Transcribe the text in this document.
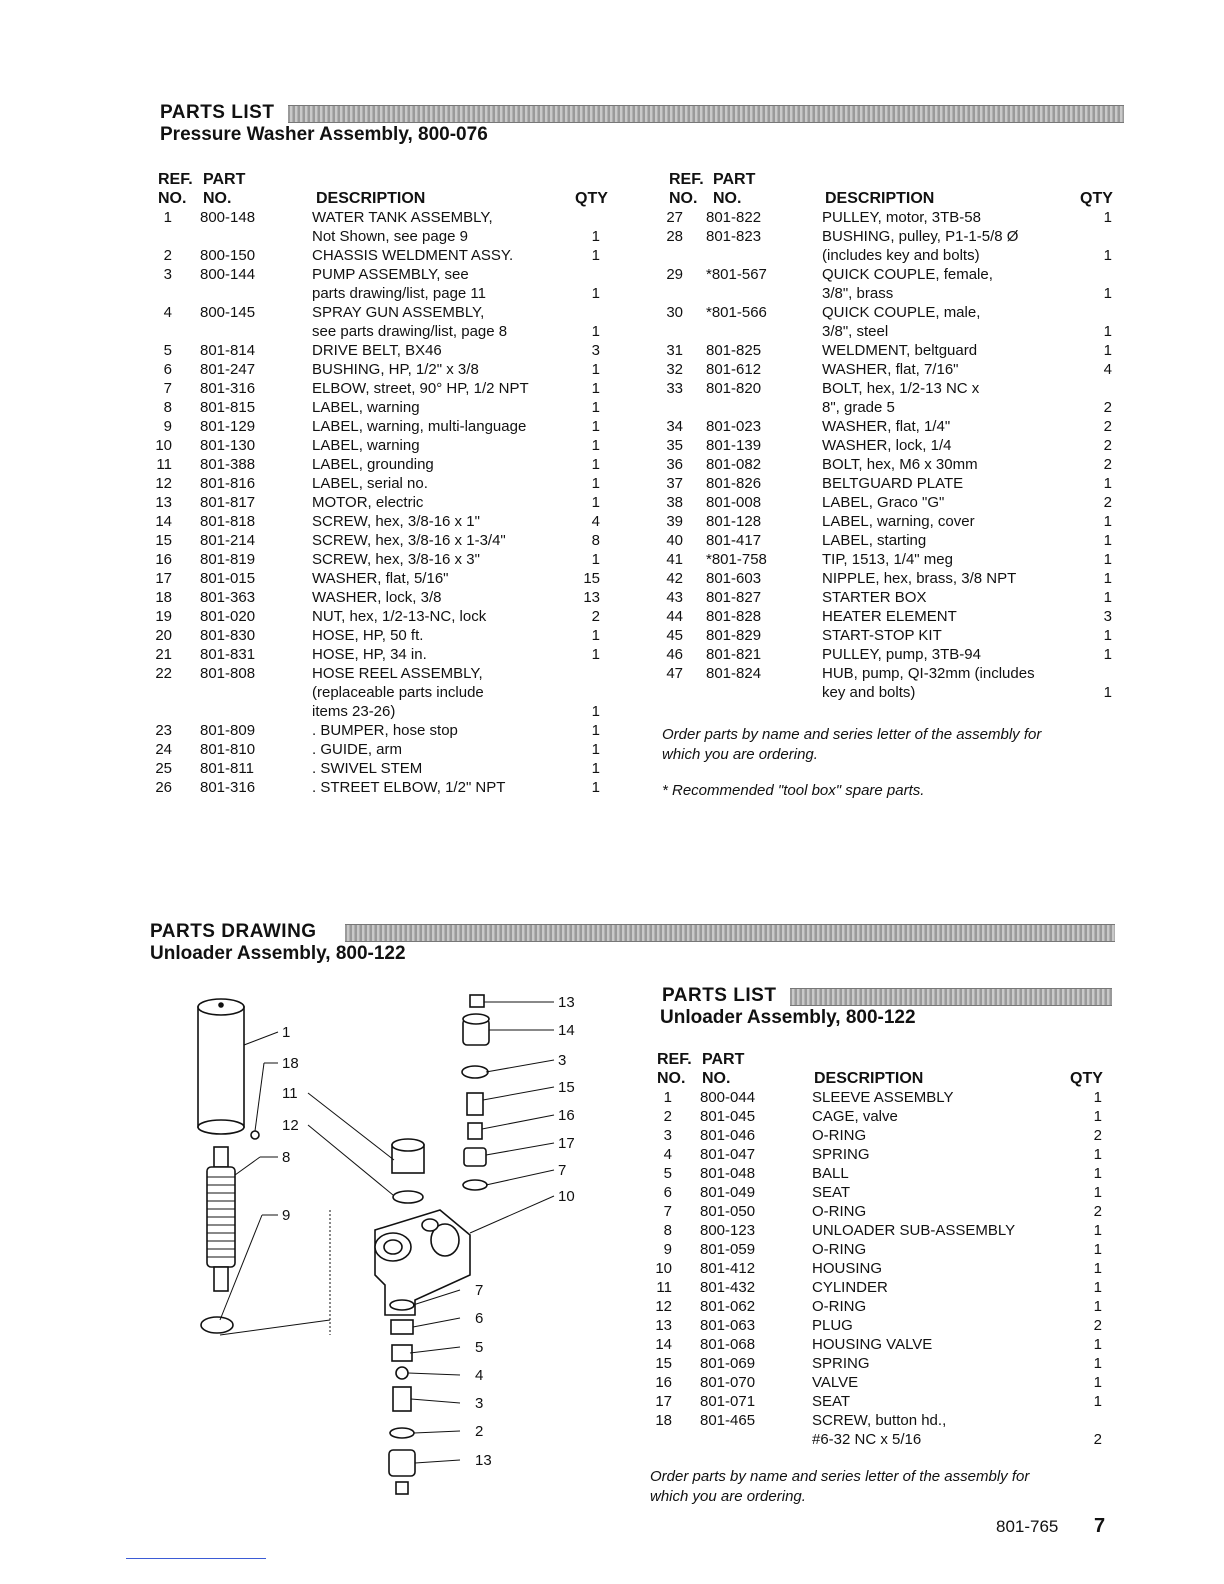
PARTS LIST
Pressure Washer Assembly, 800-076
REF.
NO.
PART
NO.	DESCRIPTION	QTY
1 800-148	WATER TANK ASSEMBLY,
Not Shown, see page 9	1
2 800-150	CHASSIS WELDMENT ASSY.	1
3 800-144	PUMP ASSEMBLY, see
parts drawing/list, page 11	1
4 800-145	SPRAY GUN ASSEMBLY,
see parts drawing/list, page 8	1
5 801-814	DRIVE BELT, BX46	3
6 801-247	BUSHING, HP, 1/2" x 3/8	1
7 801-316	ELBOW, street, 90° HP, 1/2 NPT	1
8 801-815	LABEL, warning	1
9 801-129	LABEL, warning, multi-language	1
10 801-130	LABEL, warning	1
11 801-388	LABEL, grounding	1
12 801-816	LABEL, serial no.	1
13 801-817	MOTOR, electric	1
14 801-818	SCREW, hex, 3/8-16 x 1"	4
15 801-214	SCREW, hex, 3/8-16 x 1-3/4"	8
16 801-819	SCREW, hex, 3/8-16 x 3"	1
17 801-015	WASHER, flat, 5/16"	15
18 801-363	WASHER, lock, 3/8	13
19 801-020	NUT, hex, 1/2-13-NC, lock	2
20 801-830	HOSE, HP, 50 ft.	1
21 801-831	HOSE, HP, 34 in.	1
22 801-808	HOSE REEL ASSEMBLY,
(replaceable parts include
items 23-26)	1
23 801-809	. BUMPER, hose stop	1
24 801-810	. GUIDE, arm	1
25 801-811	. SWIVEL STEM	1
26 801-316	. STREET ELBOW, 1/2" NPT	1
REF.
NO.
PART
NO.	DESCRIPTION	QTY
27 801-822	PULLEY, motor, 3TB-58	1
28 801-823	BUSHING, pulley, P1-1-5/8 Ø
(includes key and bolts)	1
29 *801-567	QUICK COUPLE, female,
3/8", brass	1
30 *801-566	QUICK COUPLE, male,
3/8", steel	1
31 801-825	WELDMENT, beltguard	1
32 801-612	WASHER, flat, 7/16"	4
33 801-820	BOLT, hex, 1/2-13 NC x
8", grade 5	2
34 801-023	WASHER, flat, 1/4"	2
35 801-139	WASHER, lock, 1/4	2
36 801-082	BOLT, hex, M6 x 30mm	2
37 801-826	BELTGUARD PLATE	1
38 801-008	LABEL, Graco "G"	2
39 801-128	LABEL, warning, cover	1
40 801-417	LABEL, starting	1
41 *801-758	TIP, 1513, 1/4" meg	1
42 801-603	NIPPLE, hex, brass, 3/8 NPT	1
43 801-827	STARTER BOX	1
44 801-828	HEATER ELEMENT	3
45 801-829	START-STOP KIT	1
46 801-821	PULLEY, pump, 3TB-94	1
47 801-824	HUB, pump, QI-32mm (includes
key and bolts)	1
Order parts by name and series letter of the assembly for
which you are ordering.
* Recommended "tool box" spare parts.
PARTS DRAWING
Unloader Assembly, 800-122
13
14
3
15
16
17
7
10
1
18
11
12
8
9
7
6
5
4
3
2
13
PARTS LIST
Unloader Assembly, 800-122
REF.
NO.
PART
NO.	DESCRIPTION	QTY
1 800-044	SLEEVE ASSEMBLY	1
2 801-045	CAGE, valve	1
3 801-046	O-RING	2
4 801-047	SPRING	1
5 801-048	BALL	1
6 801-049	SEAT	1
7 801-050	O-RING	2
8 800-123	UNLOADER SUB-ASSEMBLY	1
9 801-059	O-RING	1
10 801-412	HOUSING	1
11 801-432	CYLINDER	1
12 801-062	O-RING	1
13 801-063	PLUG	2
14 801-068	HOUSING VALVE	1
15 801-069	SPRING	1
16 801-070	VALVE	1
17 801-071	SEAT	1
18 801-465	SCREW, button hd.,
#6-32 NC x 5/16	2
Order parts by name and series letter of the assembly for
which you are ordering.
801-765 7
